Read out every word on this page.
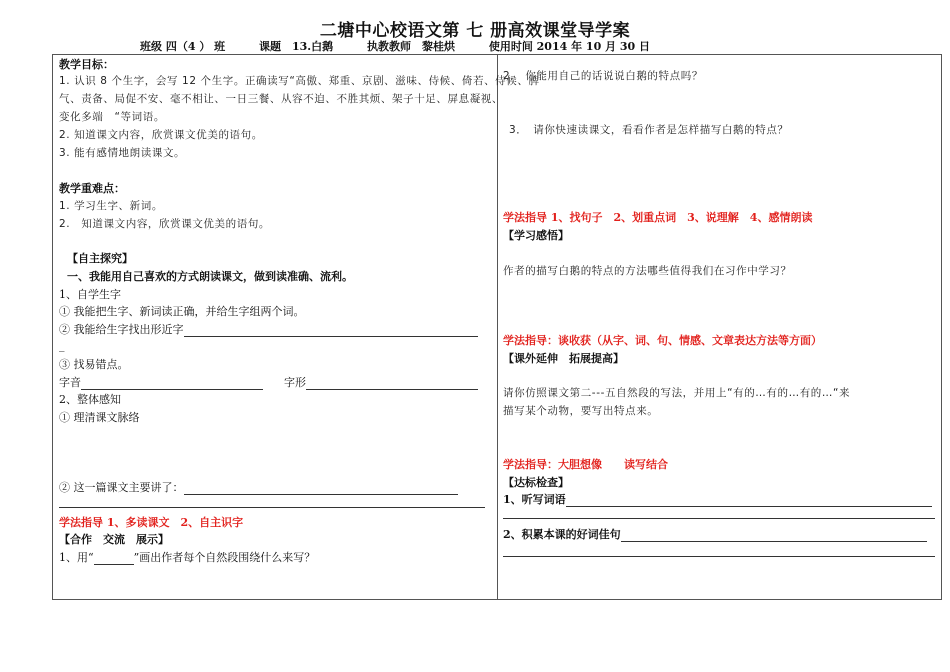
二塘中心校语文第 七 册高效课堂导学案
班级 四（4 ） 班	课题　13.白鹅	执教教师　黎桂烘	使用时间 2014 年 10 月 30 日
教学目标：
1. 认识 8 个生字，会写 12 个生字。正确读写“高傲、郑重、京剧、滋味、侍候、倚若、侍候、脾
气、责备、局促不安、毫不相让、一日三餐、从容不迫、不胜其烦、架子十足、屏息凝视、
变化多端　“等词语。
2. 知道课文内容，欣赏课文优美的语句。
3. 能有感情地朗读课文。
教学重难点：
1. 学习生字、新词。
2.　知道课文内容，欣赏课文优美的语句。
【自主探究】
一、我能用自己喜欢的方式朗读课文，做到读准确、流利。
1、自学生字
① 我能把生字、新词读正确，并给生字组两个词。
② 我能给生字找出形近字
_
③ 找易错点。
字音	字形
2、整体感知
① 理清课文脉络
② 这一篇课文主要讲了：
学法指导 1、多读课文　2、自主识字
【合作　交流　展示】
1、用“	”画出作者每个自然段围绕什么来写？
2.　你能用自己的话说说白鹅的特点吗？
3．　请你快速读课文，看看作者是怎样描写白鹅的特点？
学法指导 1、找句子　2、划重点词　3、说理解　4、感情朗读
【学习感悟】
作者的描写白鹅的特点的方法哪些值得我们在习作中学习？
学法指导：谈收获（从字、词、句、情感、文章表达方法等方面）
【课外延伸　拓展提高】
请你仿照课文第二---五自然段的写法，并用上“有的…有的…有的…“来
描写某个动物，要写出特点来。
学法指导：大胆想像　　读写结合
【达标检查】
1、听写词语
2、积累本课的好词佳句
